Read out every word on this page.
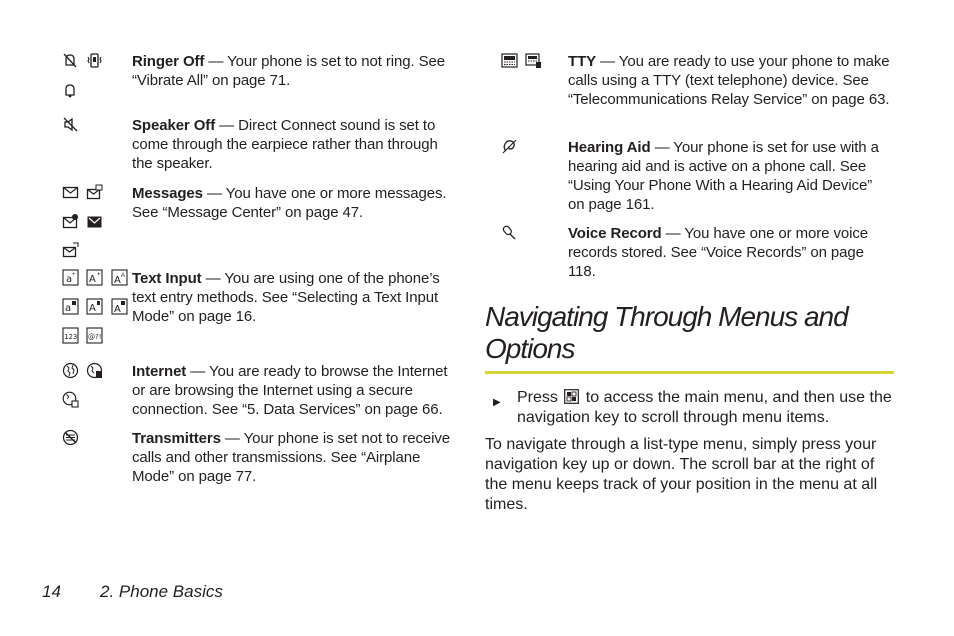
Ringer Off — Your phone is set to not ring. See “Vibrate All” on page 71.
Speaker Off — Direct Connect sound is set to come through the earpiece rather than through the speaker.

Messages — You have one or more messages. See “Message Center” on page 47.
a +
A +
A A
a
A
A
123
@?!
Text Input — You are using one of the phone’s text entry methods. See “Selecting a Text Input Mode” on page 16.

Internet — You are ready to browse the Internet or are browsing the Internet using a secure connection. See “5. Data Services” on page 66.
Transmitters — Your phone is set not to receive calls and other transmissions. See “Airplane Mode” on page 77.

TTY — You are ready to use your phone to make calls using a TTY (text telephone) device. See “Telecommunications Relay Service” on page 63.
Hearing Aid — Your phone is set for use with a hearing aid and is active on a phone call. See “Using Your Phone With a Hearing Aid Device” on page 161.
Voice Record — You have one or more voice records stored. See “Voice Records” on page 118.
Navigating Through Menus and Options
▶ Press  to access the main menu, and then use the navigation key to scroll through menu items.

To navigate through a list-type menu, simply press your navigation key up or down. The scroll bar at the right of the menu keeps track of your position in the menu at all times.

14 2. Phone Basics
